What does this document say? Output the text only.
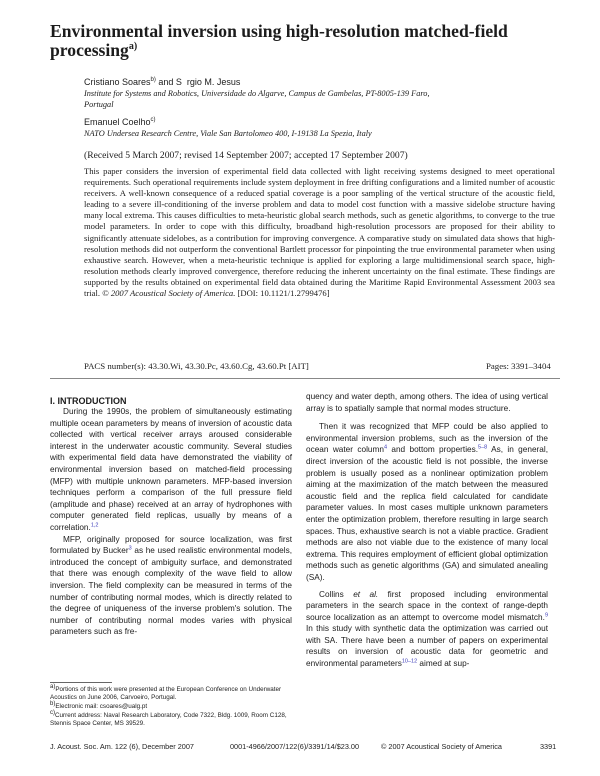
Environmental inversion using high-resolution matched-field processing$^{a)}$
Cristiano Soares$^{b)}$ and S rgio M. Jesus
Institute for Systems and Robotics, Universidade do Algarve, Campus de Gambelas, PT-8005-139 Faro,
Portugal
Emanuel Coelho$^{c)}$
NATO Undersea Research Centre, Viale San Bartolomeo 400, I-19138 La Spezia, Italy
(Received 5 March 2007; revised 14 September 2007; accepted 17 September 2007)

This paper considers the inversion of experimental field data collected with light receiving systems designed to meet operational requirements. Such operational requirements include system deployment in free drifting configurations and a limited number of acoustic receivers. A well-known consequence of a reduced spatial coverage is a poor sampling of the vertical structure of the acoustic field, leading to a severe ill-conditioning of the inverse problem and data to model cost function with a massive sidelobe structure having many local extrema. This causes difficulties to meta-heuristic global search methods, such as genetic algorithms, to converge to the true model parameters. In order to cope with this difficulty, broadband high-resolution processors are proposed for their ability to significantly attenuate sidelobes, as a contribution for improving convergence. A comparative study on simulated data shows that high-resolution methods did not outperform the conventional Bartlett processor for pinpointing the true environmental parameter when using exhaustive search. However, when a meta-heuristic technique is applied for exploring a large multidimensional search space, high-resolution methods clearly improved convergence, therefore reducing the inherent uncertainty on the final estimate. These findings are supported by the results obtained on experimental field data obtained during the Maritime Rapid Environmental Assessment 2003 sea trial. © 2007 Acoustical Society of America. [DOI: 10.1121/1.2799476]

PACS number(s): 43.30.Wi, 43.30.Pc, 43.60.Cg, 43.60.Pt [AIT]	Pages: 3391–3404
I. INTRODUCTION

During the 1990s, the problem of simultaneously estimating multiple ocean parameters by means of inversion of acoustic data collected with vertical receiver arrays aroused considerable interest in the underwater acoustic community. Several studies with experimental field data have demonstrated the viability of environmental inversion based on matched-field processing (MFP) with multiple unknown parameters. MFP-based inversion techniques perform a comparison of the full pressure field (amplitude and phase) received at an array of hydrophones with computer generated field replicas, usually by means of a correlation.$^{1,2}$

MFP, originally proposed for source localization, was first formulated by Bucker$^3$ as he used realistic environmental models, introduced the concept of ambiguity surface, and demonstrated that there was enough complexity of the wave field to allow inversion. The field complexity can be measured in terms of the number of contributing normal modes, which is directly related to the degree of uniqueness of the inverse problem's solution. The number of contributing normal modes varies with physical parameters such as fre-

quency and water depth, among others. The idea of using vertical array is to spatially sample that normal modes structure.

Then it was recognized that MFP could be also applied to environmental inversion problems, such as the inversion of the ocean water column$^4$ and bottom properties.$^{5-8}$ As, in general, direct inversion of the acoustic field is not possible, the inverse problem is usually posed as a nonlinear optimization problem aiming at the maximization of the match between the measured acoustic field and the replica field calculated for candidate parameter values. In most cases multiple unknown parameters enter the optimization problem, therefore resulting in large search spaces. Thus, exhaustive search is not a viable practice. Gradient methods are also not viable due to the existence of many local extrema. This requires employment of efficient global optimization methods such as genetic algorithms (GA) and simulated anealing (SA).

Collins et al. first proposed including environmental parameters in the search space in the context of range-depth source localization as an attempt to overcome model mismatch.$^9$ In this study with synthetic data the optimization was carried out with SA. There have been a number of papers on experimental results on inversion of acoustic data for geometric and environmental parameters$^{10-12}$ aimed at sup-

$^{a)}$Portions of this work were presented at the European Conference on Underwater Acoustics on June 2006, Carvoeiro, Portugal.
$^{b)}$Electronic mail: csoares@ualg.pt
$^{c)}$Current address: Naval Research Laboratory, Code 7322, Bldg. 1009, Room C128, Stennis Space Center, MS 39529.
J. Acoust. Soc. Am. 122 (6), December 2007	0001-4966/2007/122(6)/3391/14/$23.00	© 2007 Acoustical Society of America	3391
